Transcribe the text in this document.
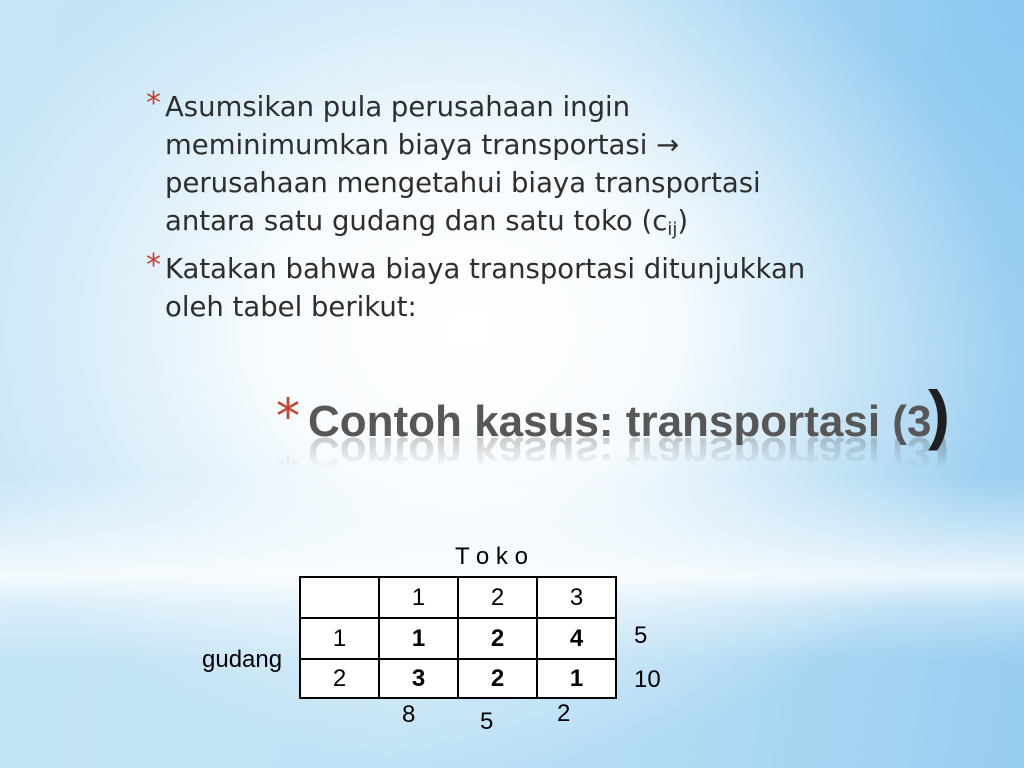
* Asumsikan pula perusahaan ingin
meminimumkan biaya transportasi →
perusahaan mengetahui biaya transportasi
antara satu gudang dan satu toko $(c_{ij})$
* Katakan bahwa biaya transportasi ditunjukkan
oleh tabel berikut:
* Contoh kasus: transportasi (3
)
T o k o
gudang
	1	2	3
1	1	2	4
2	3	2	1
5
10
8	5	2
